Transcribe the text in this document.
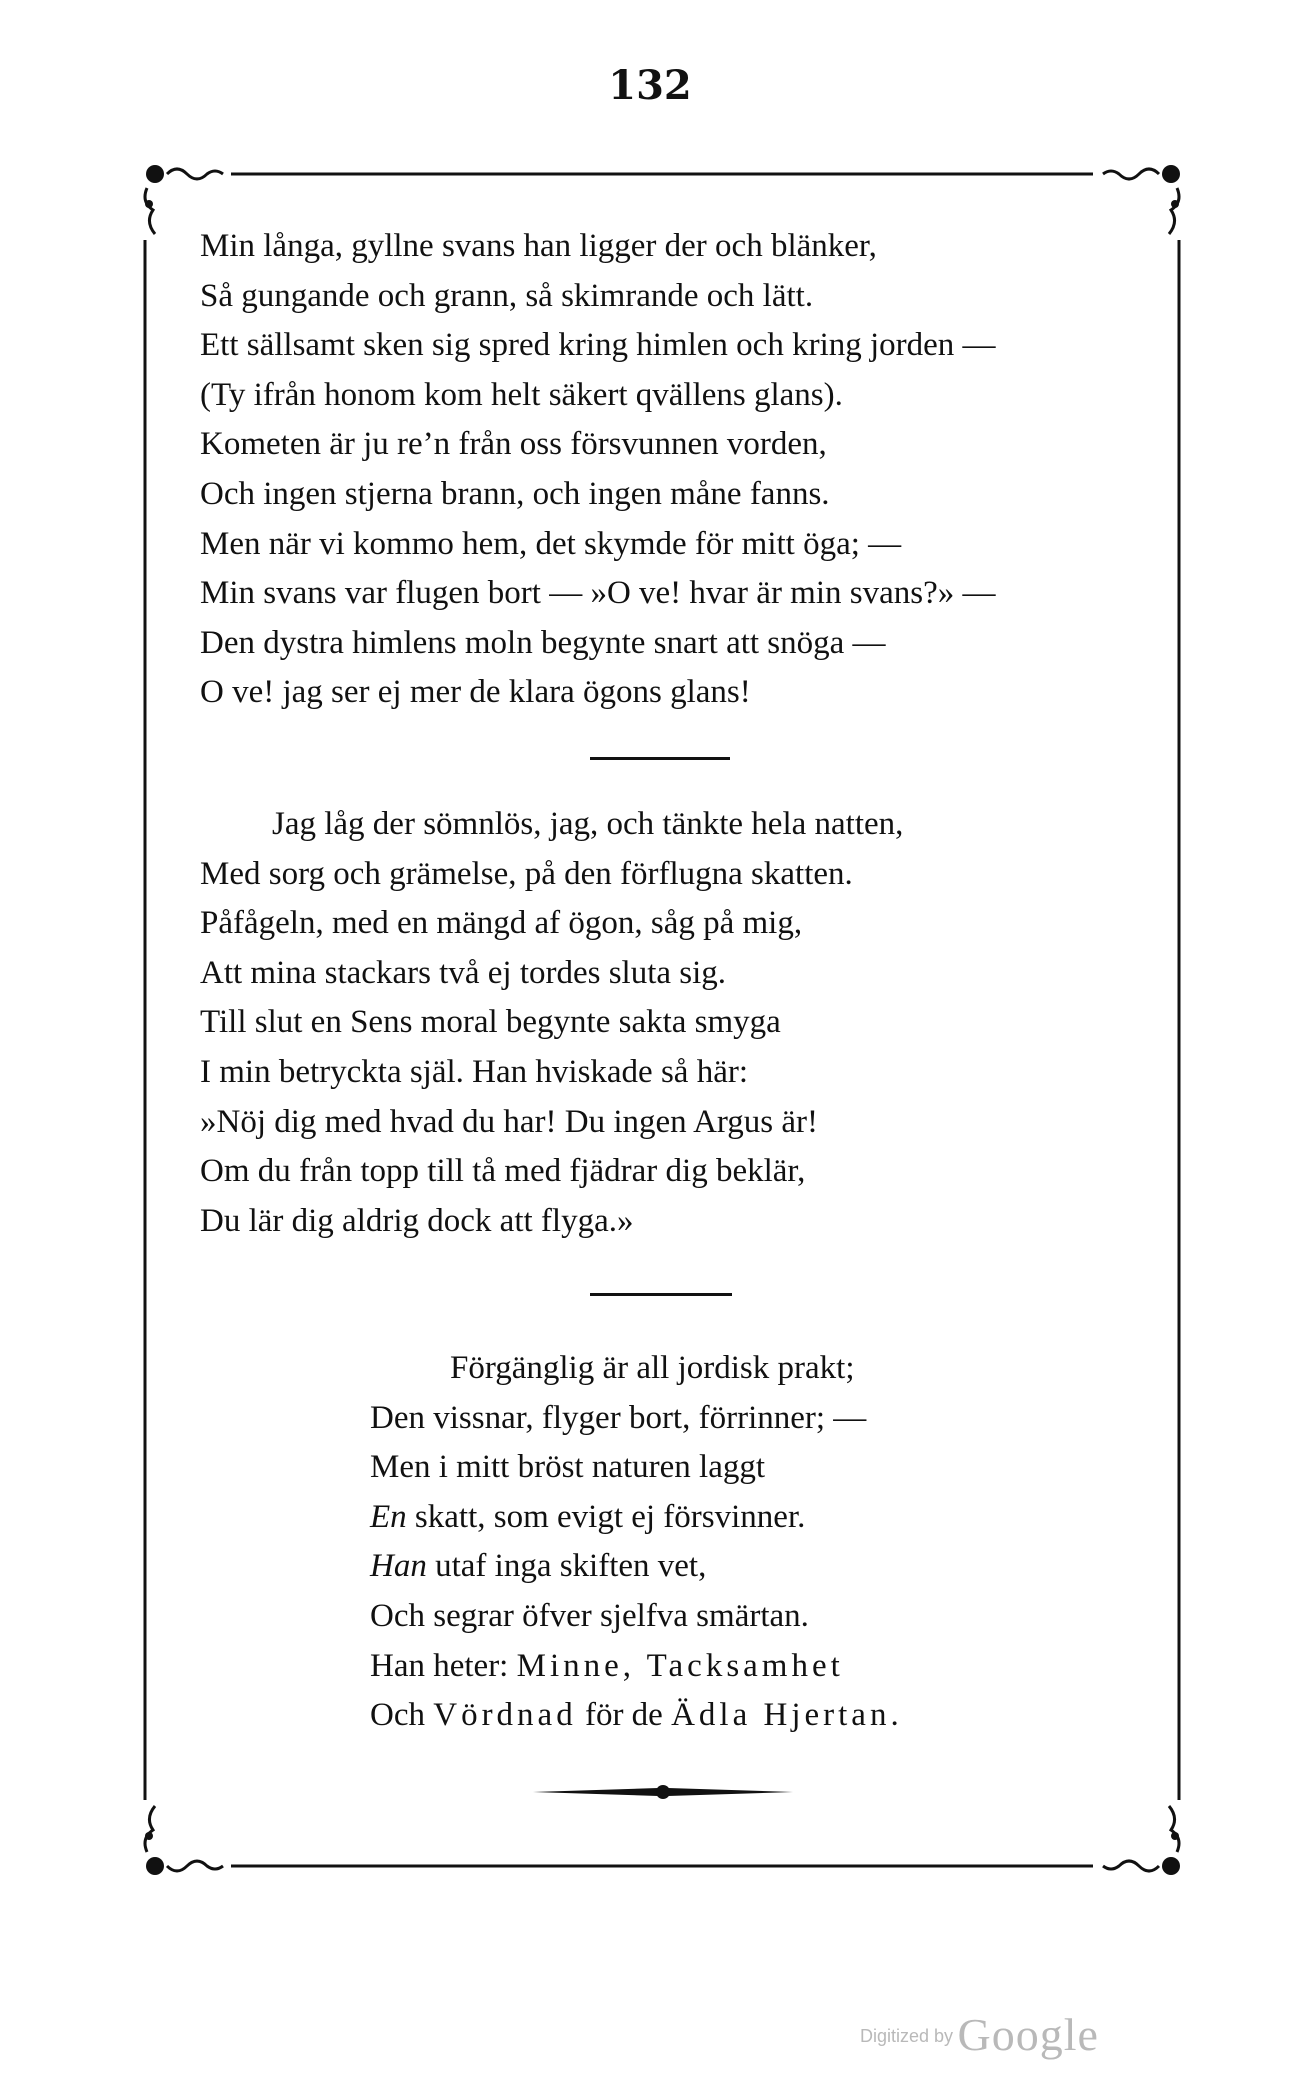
132
Min långa, gyllne svans han ligger der och blänker,
Så gungande och grann, så skimrande och lätt.
Ett sällsamt sken sig spred kring himlen och kring jorden —
(Ty ifrån honom kom helt säkert qvällens glans).
Kometen är ju re’n från oss försvunnen vorden,
Och ingen stjerna brann, och ingen måne fanns.
Men när vi kommo hem, det skymde för mitt öga; —
Min svans var flugen bort — »O ve! hvar är min svans?» —
Den dystra himlens moln begynte snart att snöga —
O ve! jag ser ej mer de klara ögons glans!
Jag låg der sömnlös, jag, och tänkte hela natten,
Med sorg och grämelse, på den förflugna skatten.
Påfågeln, med en mängd af ögon, såg på mig,
Att mina stackars två ej tordes sluta sig.
Till slut en Sens moral begynte sakta smyga
I min betryckta själ. Han hviskade så här:
»Nöj dig med hvad du har! Du ingen Argus är!
Om du från topp till tå med fjädrar dig beklär,
Du lär dig aldrig dock att flyga.»
Förgänglig är all jordisk prakt;
Den vissnar, flyger bort, förrinner; —
Men i mitt bröst naturen laggt
En skatt, som evigt ej försvinner.
Han utaf inga skiften vet,
Och segrar öfver sjelfva smärtan.
Han heter: Minne, Tacksamhet
Och Vördnad för de Ädla Hjertan.
Digitized by Google
